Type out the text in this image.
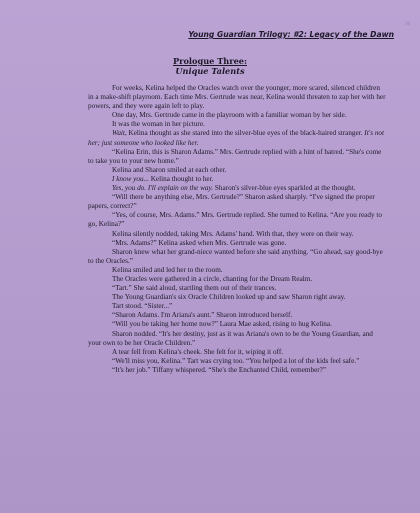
16
Young Guardian Trilogy: #2: Legacy of the Dawn
Prologue Three:
Unique Talents

For weeks, Kelina helped the Oracles watch over the younger, more scared, silenced children in a make-shift playroom. Each time Mrs. Gertrude was near, Kelina would threaten to zap her with her powers, and they were again left to play.

One day, Mrs. Gertrude came in the playroom with a familiar woman by her side.

It was the woman in her picture.

Wait, Kelina thought as she stared into the silver-blue eyes of the black-haired stranger. It's not her; just someone who looked like her.

“Kelina Erin, this is Sharon Adams.” Mrs. Gertrude replied with a hint of hatred. “She's come to take you to your new home.”

Kelina and Sharon smiled at each other.

I know you... Kelina thought to her.

Yes, you do. I'll explain on the way. Sharon's silver-blue eyes sparkled at the thought.

“Will there be anything else, Mrs. Gertrude?” Sharon asked sharply. “I've signed the proper papers, correct?”

“Yes, of course, Mrs. Adams.” Mrs. Gertrude replied. She turned to Kelina. “Are you ready to go, Kelina?”

Kelina silently nodded, taking Mrs. Adams' hand. With that, they were on their way.

“Mrs. Adams?” Kelina asked when Mrs. Gertrude was gone.

Sharon knew what her grand-niece wanted before she said anything. “Go ahead, say good-bye to the Oracles.”

Kelina smiled and led her to the room.

The Oracles were gathered in a circle, chanting for the Dream Realm.

“Tart.” She said aloud, startling them out of their trances.

The Young Guardian's six Oracle Children looked up and saw Sharon right away.

Tart stood. “Sister...”

“Sharon Adams. I'm Ariana's aunt.” Sharon introduced herself.

“Will you be taking her home now?” Laura Mae asked, rising to hug Kelina.

Sharon nodded. “It's her destiny, just as it was Ariana's own to be the Young Guardian, and your own to be her Oracle Children.”

A tear fell from Kelina's cheek. She felt for it, wiping it off.

“We'll miss you, Kelina.” Tart was crying too. “You helped a lot of the kids feel safe.”

“It's her job.” Tiffany whispered. “She's the Enchanted Child, remember?”
